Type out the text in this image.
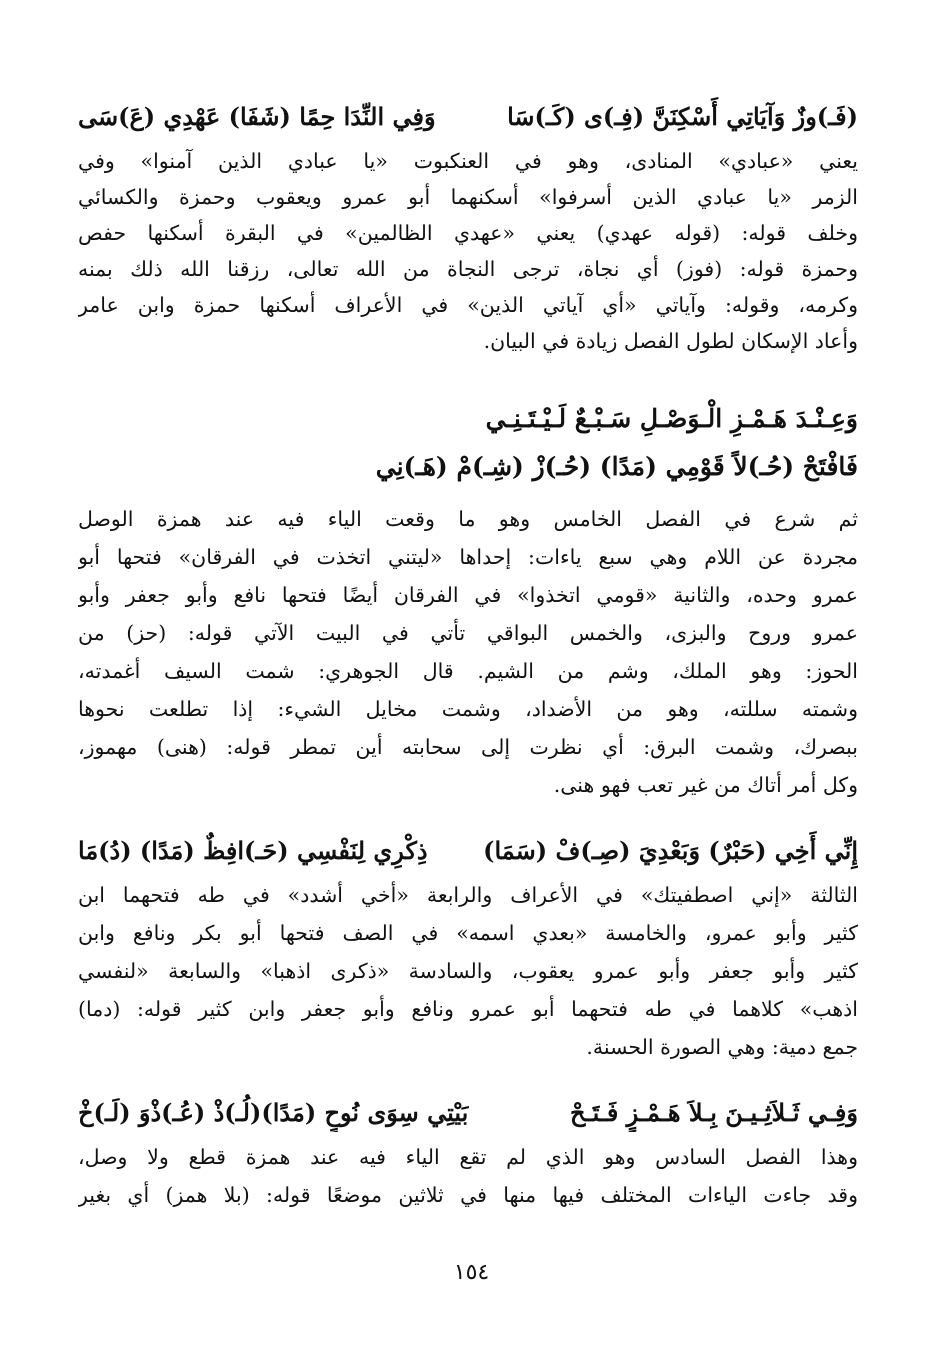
(فَـ)وزٌ وَآيَاتِي أَسْكِنَنَّ (فِـ)ى (كَـ)سَا
وَفِي النِّدَا حِمًا (شَفَا) عَهْدِي (عَ)سَى
يعني «عبادي» المنادى، وهو في العنكبوت «يا عبادي الذين آمنوا» وفي
الزمر «يا عبادي الذين أسرفوا» أسكنهما أبو عمرو ويعقوب وحمزة والكسائي
وخلف قوله: (قوله عهدي) يعني «عهدي الظالمين» في البقرة أسكنها حفص
وحمزة قوله: (فوز) أي نجاة، ترجى النجاة من الله تعالى، رزقنا الله ذلك بمنه
وكرمه، وقوله: وآياتي «أي آياتي الذين» في الأعراف أسكنها حمزة وابن عامر
وأعاد الإسكان لطول الفصل زيادة في البيان.
وَعِـنْـدَ هَـمْـزِ الْـوَصْـلِ سَـبْـعٌ لَـيْـتَـنِـي
فَافْتَحْ (حُـ)لاً قَوْمِي (مَدًا) (حُـ)زْ (شِـ)مْ (هَـ)نِي
ثم شرع في الفصل الخامس وهو ما وقعت الياء فيه عند همزة الوصل
مجردة عن اللام وهي سبع ياءات: إحداها «ليتني اتخذت في الفرقان» فتحها أبو
عمرو وحده، والثانية «قومي اتخذوا» في الفرقان أيضًا فتحها نافع وأبو جعفر وأبو
عمرو وروح والبزى، والخمس البواقي تأتي في البيت الآتي قوله: (حز) من
الحوز: وهو الملك، وشم من الشيم. قال الجوهري: شمت السيف أغمدته،
وشمته سللته، وهو من الأضداد، وشمت مخايل الشيء: إذا تطلعت نحوها
ببصرك، وشمت البرق: أي نظرت إلى سحابته أين تمطر قوله: (هنى) مهموز،
وكل أمر أتاك من غير تعب فهو هنى.
إِنِّي أَخِي (حَبْرٌ) وَبَعْدِيَ (صِـ)فْ (سَمَا)
ذِكْرِي لِنَفْسِي (حَـ)افِظٌ (مَدًا) (دُ)مَا
الثالثة «إني اصطفيتك» في الأعراف والرابعة «أخي أشدد» في طه فتحهما ابن
كثير وأبو عمرو، والخامسة «بعدي اسمه» في الصف فتحها أبو بكر ونافع وابن
كثير وأبو جعفر وأبو عمرو يعقوب، والسادسة «ذكرى اذهبا» والسابعة «لنفسي
اذهب» كلاهما في طه فتحهما أبو عمرو ونافع وأبو جعفر وابن كثير قوله: (دما)
جمع دمية: وهي الصورة الحسنة.
وَفِـي ثَـلاَثِـيـنَ بِـلاَ هَـمْـزٍ فَـتَـحْ
بَيْتِي سِوَى نُوحٍ (مَدًا)(لُـ)ذْ (عُـ)ذْوَ (لَـ)خْ
وهذا الفصل السادس وهو الذي لم تقع الياء فيه عند همزة قطع ولا وصل،
وقد جاءت الياءات المختلف فيها منها في ثلاثين موضعًا قوله: (بلا همز) أي بغير
١٥٤
